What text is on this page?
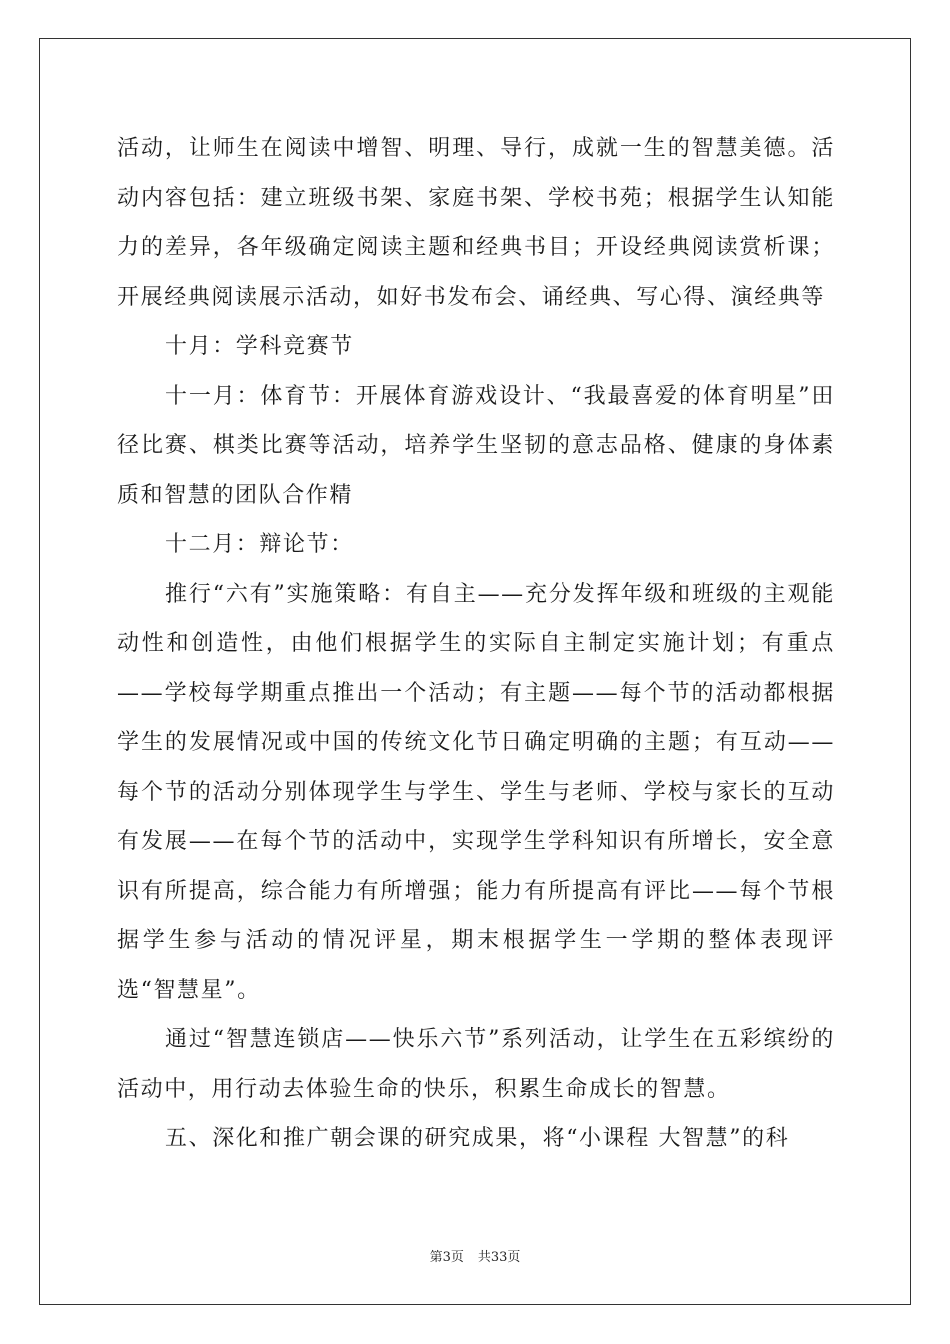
活动，让师生在阅读中增智、明理、导行，成就一生的智慧美德。活动内容包括：建立班级书架、家庭书架、学校书苑；根据学生认知能力的差异，各年级确定阅读主题和经典书目；开设经典阅读赏析课；开展经典阅读展示活动，如好书发布会、诵经典、写心得、演经典等

十月：学科竞赛节

十一月：体育节：开展体育游戏设计、“我最喜爱的体育明星”田径比赛、棋类比赛等活动，培养学生坚韧的意志品格、健康的身体素质和智慧的团队合作精

十二月：辩论节：

推行“六有”实施策略：有自主——充分发挥年级和班级的主观能动性和创造性，由他们根据学生的实际自主制定实施计划；有重点——学校每学期重点推出一个活动；有主题——每个节的活动都根据学生的发展情况或中国的传统文化节日确定明确的主题；有互动——每个节的活动分别体现学生与学生、学生与老师、学校与家长的互动有发展——在每个节的活动中，实现学生学科知识有所增长，安全意识有所提高，综合能力有所增强；能力有所提高有评比——每个节根据学生参与活动的情况评星，期末根据学生一学期的整体表现评选“智慧星”。

通过“智慧连锁店——快乐六节”系列活动，让学生在五彩缤纷的活动中，用行动去体验生命的快乐，积累生命成长的智慧。

五、深化和推广朝会课的研究成果，将“小课程 大智慧”的科

第3页 共33页
